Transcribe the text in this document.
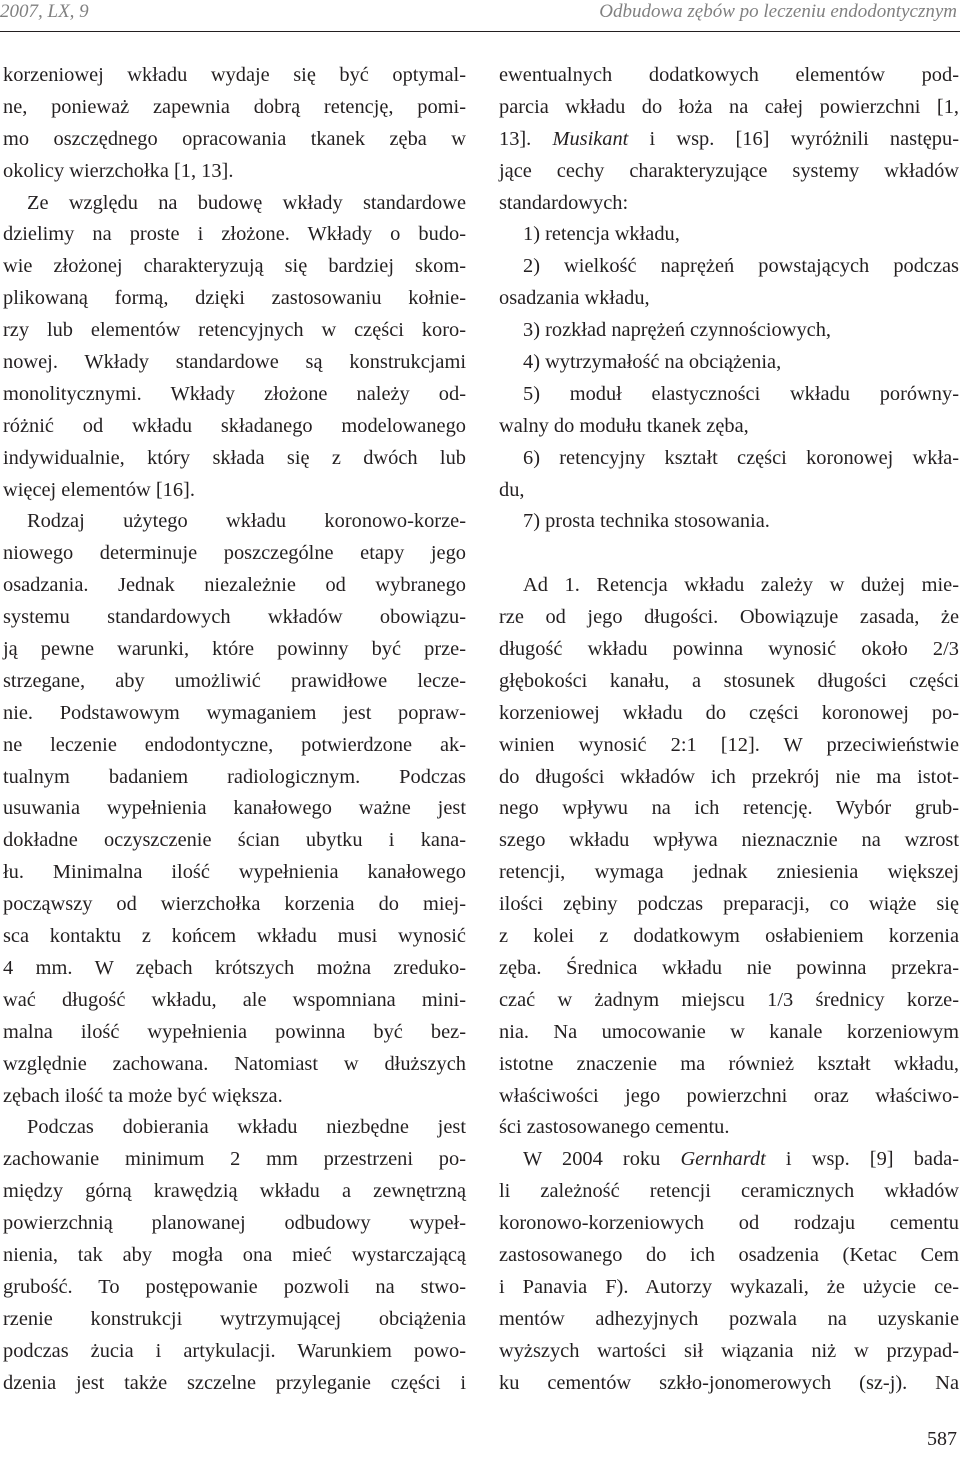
2007, LX, 9	Odbudowa zębów po leczeniu endodontycznym
korzeniowej wkładu wydaje się być optymal-
ne, ponieważ zapewnia dobrą retencję, pomi-
mo oszczędnego opracowania tkanek zęba w
okolicy wierzchołka [1, 13].
Ze względu na budowę wkłady standardowe
dzielimy na proste i złożone. Wkłady o budo-
wie złożonej charakteryzują się bardziej skom-
plikowaną formą, dzięki zastosowaniu kołnie-
rzy lub elementów retencyjnych w części koro-
nowej. Wkłady standardowe są konstrukcjami
monolitycznymi. Wkłady złożone należy od-
różnić od wkładu składanego modelowanego
indywidualnie, który składa się z dwóch lub
więcej elementów [16].
Rodzaj użytego wkładu koronowo-korze-
niowego determinuje poszczególne etapy jego
osadzania. Jednak niezależnie od wybranego
systemu standardowych wkładów obowiązu-
ją pewne warunki, które powinny być prze-
strzegane, aby umożliwić prawidłowe lecze-
nie. Podstawowym wymaganiem jest popraw-
ne leczenie endodontyczne, potwierdzone ak-
tualnym badaniem radiologicznym. Podczas
usuwania wypełnienia kanałowego ważne jest
dokładne oczyszczenie ścian ubytku i kana-
łu. Minimalna ilość wypełnienia kanałowego
począwszy od wierzchołka korzenia do miej-
sca kontaktu z końcem wkładu musi wynosić
4 mm. W zębach krótszych można zreduko-
wać długość wkładu, ale wspomniana mini-
malna ilość wypełnienia powinna być bez-
względnie zachowana. Natomiast w dłuższych
zębach ilość ta może być większa.
Podczas dobierania wkładu niezbędne jest
zachowanie minimum 2 mm przestrzeni po-
między górną krawędzią wkładu a zewnętrzną
powierzchnią planowanej odbudowy wypeł-
nienia, tak aby mogła ona mieć wystarczającą
grubość. To postępowanie pozwoli na stwo-
rzenie konstrukcji wytrzymującej obciążenia
podczas żucia i artykulacji. Warunkiem powo-
dzenia jest także szczelne przyleganie części i
ewentualnych dodatkowych elementów pod-
parcia wkładu do łoża na całej powierzchni [1,
13]. Musikant i wsp. [16] wyróżnili następu-
jące cechy charakteryzujące systemy wkładów
standardowych:
1) retencja wkładu,
2) wielkość naprężeń powstających podczas
osadzania wkładu,
3) rozkład naprężeń czynnościowych,
4) wytrzymałość na obciążenia,
5) moduł elastyczności wkładu porówny-
walny do modułu tkanek zęba,
6) retencyjny kształt części koronowej wkła-
du,
7) prosta technika stosowania.
Ad 1. Retencja wkładu zależy w dużej mie-
rze od jego długości. Obowiązuje zasada, że
długość wkładu powinna wynosić około 2/3
głębokości kanału, a stosunek długości części
korzeniowej wkładu do części koronowej po-
winien wynosić 2:1 [12]. W przeciwieństwie
do długości wkładów ich przekrój nie ma istot-
nego wpływu na ich retencję. Wybór grub-
szego wkładu wpływa nieznacznie na wzrost
retencji, wymaga jednak zniesienia większej
ilości zębiny podczas preparacji, co wiąże się
z kolei z dodatkowym osłabieniem korzenia
zęba. Średnica wkładu nie powinna przekra-
czać w żadnym miejscu 1/3 średnicy korze-
nia. Na umocowanie w kanale korzeniowym
istotne znaczenie ma również kształt wkładu,
właściwości jego powierzchni oraz właściwo-
ści zastosowanego cementu.
W 2004 roku Gernhardt i wsp. [9] bada-
li zależność retencji ceramicznych wkładów
koronowo-korzeniowych od rodzaju cementu
zastosowanego do ich osadzenia (Ketac Cem
i Panavia F). Autorzy wykazali, że użycie ce-
mentów adhezyjnych pozwala na uzyskanie
wyższych wartości sił wiązania niż w przypad-
ku cementów szkło-jonomerowych (sz-j). Na
587
